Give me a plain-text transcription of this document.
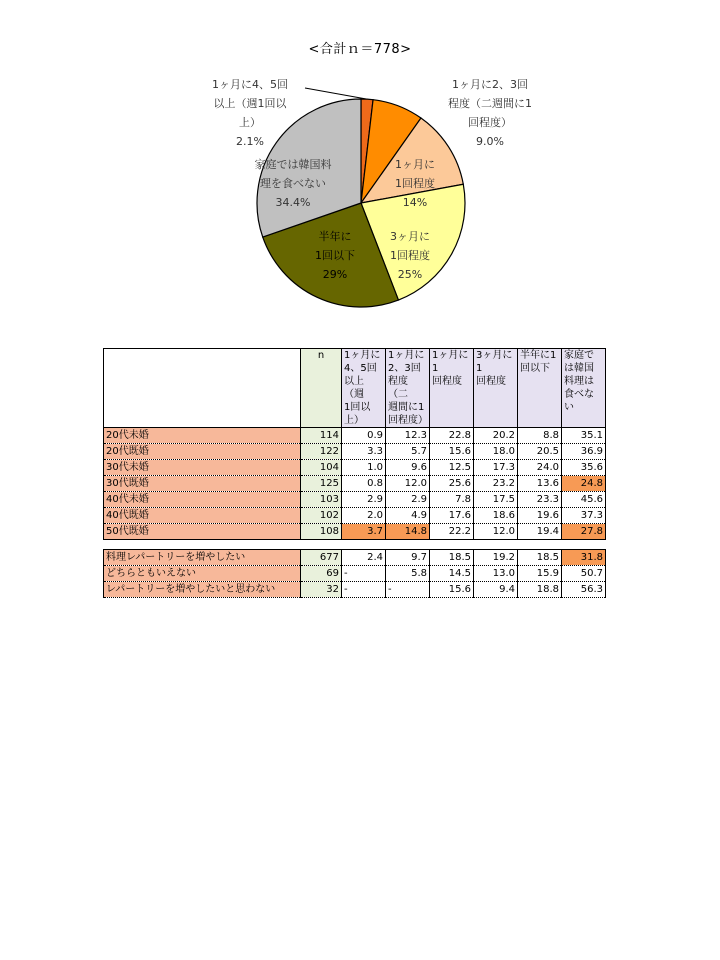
<合計ｎ＝778>
1ヶ月に4、5回以上（週1回以上） 2.1%
1ヶ月に2、3回程度（二週間に1 回程度） 9.0%
1ヶ月に 1回程度 14%
3ヶ月に 1回程度 25%
半年に 1回以下 29%
家庭では韓国料理を食べない 34.4%
	n	1ヶ月に
4、5回
以上（週
1回以
上）	1ヶ月に
2、3回
程度（二
週間に1
回程度）	1ヶ月に1
回程度	3ヶ月に1
回程度	半年に1
回以下	家庭で
は韓国
料理は
食べな
い
20代未婚	114	0.9	12.3	22.8	20.2	8.8	35.1
20代既婚	122	3.3	5.7	15.6	18.0	20.5	36.9
30代未婚	104	1.0	9.6	12.5	17.3	24.0	35.6
30代既婚	125	0.8	12.0	25.6	23.2	13.6	24.8
40代未婚	103	2.9	2.9	7.8	17.5	23.3	45.6
40代既婚	102	2.0	4.9	17.6	18.6	19.6	37.3
50代既婚	108	3.7	14.8	22.2	12.0	19.4	27.8

料理レパートリーを増やしたい	677	2.4	9.7	18.5	19.2	18.5	31.8
どちらともいえない	69	-	5.8	14.5	13.0	15.9	50.7
レパートリーを増やしたいと思わない	32	-	-	15.6	9.4	18.8	56.3
